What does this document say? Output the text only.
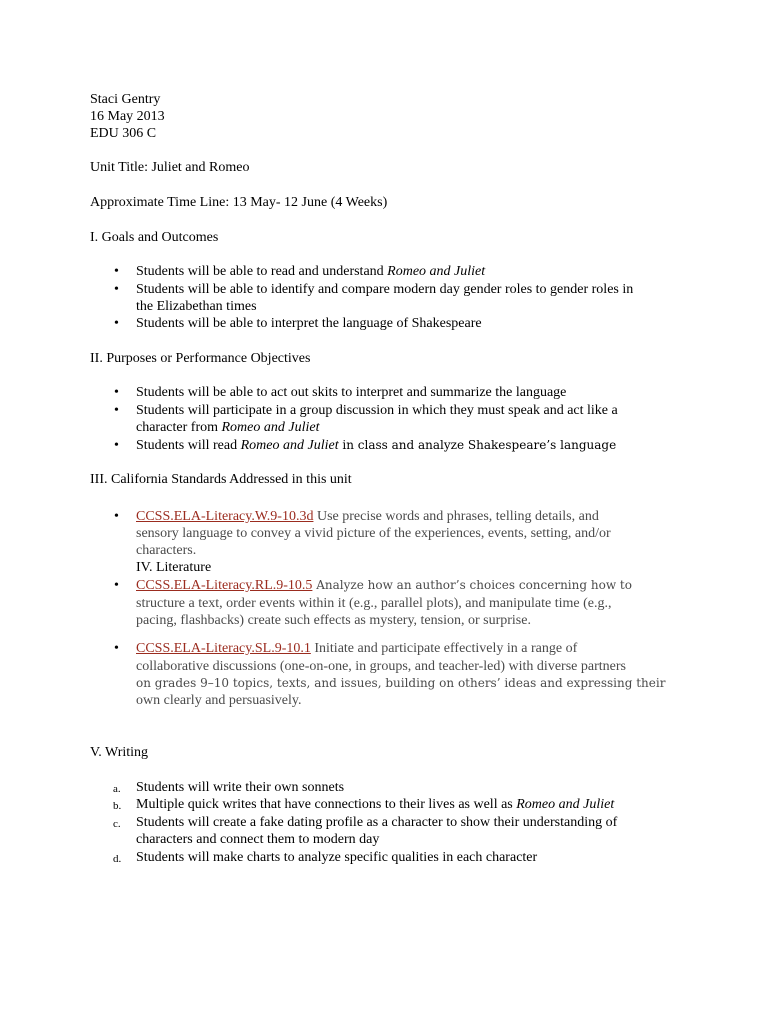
Staci Gentry
16 May 2013
EDU 306 C
Unit Title: Juliet and Romeo
Approximate Time Line: 13 May- 12 June (4 Weeks)
I. Goals and Outcomes
• Students will be able to read and understand Romeo and Juliet
• Students will be able to identify and compare modern day gender roles to gender roles in
the Elizabethan times
• Students will be able to interpret the language of Shakespeare
II. Purposes or Performance Objectives
• Students will be able to act out skits to interpret and summarize the language
• Students will participate in a group discussion in which they must speak and act like a
character from Romeo and Juliet
• Students will read Romeo and Juliet in class and analyze Shakespeare’s language
III. California Standards Addressed in this unit
• CCSS.ELA-Literacy.W.9-10.3d Use precise words and phrases, telling details, and
sensory language to convey a vivid picture of the experiences, events, setting, and/or
characters.
IV. Literature
• CCSS.ELA-Literacy.RL.9-10.5 Analyze how an author’s choices concerning how to
structure a text, order events within it (e.g., parallel plots), and manipulate time (e.g.,
pacing, flashbacks) create such effects as mystery, tension, or surprise.
• CCSS.ELA-Literacy.SL.9-10.1 Initiate and participate effectively in a range of
collaborative discussions (one-on-one, in groups, and teacher-led) with diverse partners
on grades 9–10 topics, texts, and issues, building on others’ ideas and expressing their
own clearly and persuasively.
V. Writing
a. Students will write their own sonnets
b. Multiple quick writes that have connections to their lives as well as Romeo and Juliet
c. Students will create a fake dating profile as a character to show their understanding of
characters and connect them to modern day
d. Students will make charts to analyze specific qualities in each character
